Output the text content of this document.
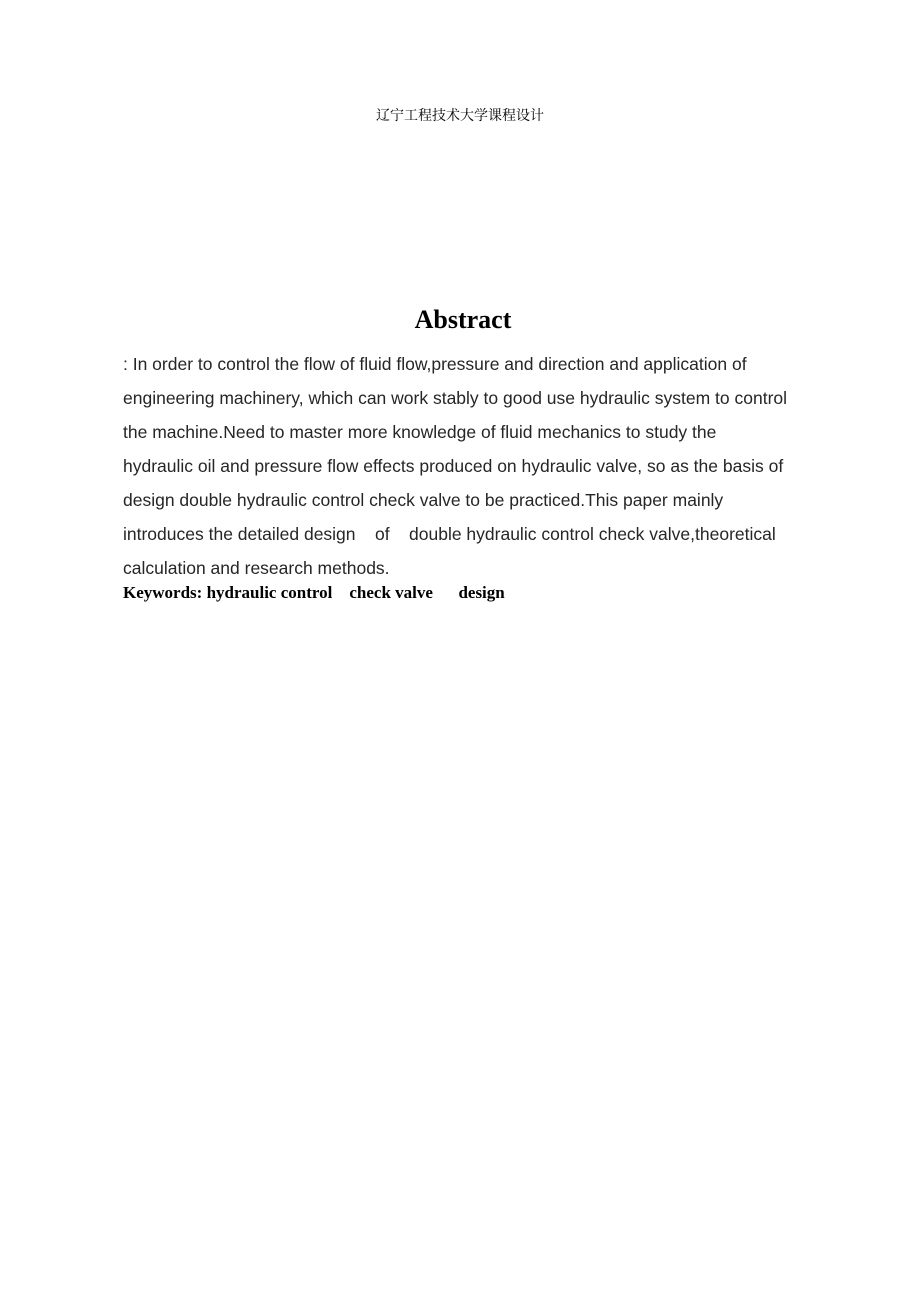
辽宁工程技术大学课程设计
Abstract
: In order to control the flow of fluid flow,pressure and direction and application of
engineering machinery, which can work stably to good use hydraulic system to control
the machine.Need to master more knowledge of fluid mechanics to study the
hydraulic oil and pressure flow effects produced on hydraulic valve, so as the basis of
design double hydraulic control check valve to be practiced.This paper mainly
introduces the detailed design    of    double hydraulic control check valve,theoretical
calculation and research methods.
Keywords: hydraulic control check valve design
